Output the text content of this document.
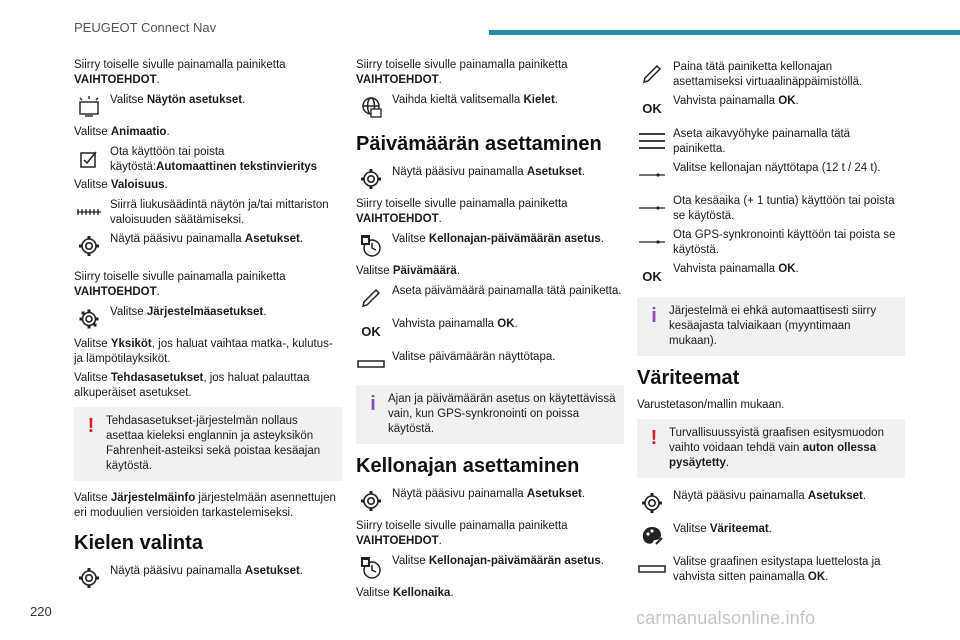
PEUGEOT Connect Nav
Siirry toiselle sivulle painamalla painiketta
VAIHTOEHDOT.
Valitse Näytön asetukset.
Valitse Animaatio.
Ota käyttöön tai poista käytöstä:Automaattinen tekstinvieritys
Valitse Valoisuus.
Siirrä liukusäädintä näytön ja/tai mittariston valoisuuden säätämiseksi.
Näytä pääsivu painamalla Asetukset.
Siirry toiselle sivulle painamalla painiketta
VAIHTOEHDOT.
Valitse Järjestelmäasetukset.
Valitse Yksiköt, jos haluat vaihtaa matka-, kulutus- ja lämpötilayksiköt.
Valitse Tehdasasetukset, jos haluat palauttaa alkuperäiset asetukset.
!	Tehdasasetukset-järjestelmän nollaus asettaa kieleksi englannin ja asteyksikön Fahrenheit-asteiksi sekä poistaa kesäajan käytöstä.
Valitse Järjestelmäinfo järjestelmään asennettujen eri moduulien versioiden tarkastelemiseksi.
Kielen valinta
Näytä pääsivu painamalla Asetukset.
Siirry toiselle sivulle painamalla painiketta
VAIHTOEHDOT.
Vaihda kieltä valitsemalla Kielet.
Päivämäärän asettaminen
Näytä pääsivu painamalla Asetukset.
Siirry toiselle sivulle painamalla painiketta
VAIHTOEHDOT.
Valitse Kellonajan-päivämäärän asetus.
Valitse Päivämäärä.
Aseta päivämäärä painamalla tätä painiketta.
OK Vahvista painamalla OK.
Valitse päivämäärän näyttötapa.
i	Ajan ja päivämäärän asetus on käytettävissä vain, kun GPS-synkronointi on poissa käytöstä.
Kellonajan asettaminen
Näytä pääsivu painamalla Asetukset.
Siirry toiselle sivulle painamalla painiketta
VAIHTOEHDOT.
Valitse Kellonajan-päivämäärän asetus.
Valitse Kellonaika.
Paina tätä painiketta kellonajan asettamiseksi virtuaalinäppäimistöllä.
OK Vahvista painamalla OK.
Aseta aikavyöhyke painamalla tätä painiketta.
Valitse kellonajan näyttötapa (12 t / 24 t).
Ota kesäaika (+ 1 tuntia) käyttöön tai poista se käytöstä.
Ota GPS-synkronointi käyttöön tai poista se käytöstä.
OK Vahvista painamalla OK.
i	Järjestelmä ei ehkä automaattisesti siirry kesäajasta talviaikaan (myyntimaan mukaan).
Väriteemat
Varustetason/mallin mukaan.
!	Turvallisuussyistä graafisen esitysmuodon vaihto voidaan tehdä vain auton ollessa pysäytetty.
Näytä pääsivu painamalla Asetukset.
Valitse Väriteemat.
Valitse graafinen esitystapa luettelosta ja vahvista sitten painamalla OK.
220	carmanualsonline.info
